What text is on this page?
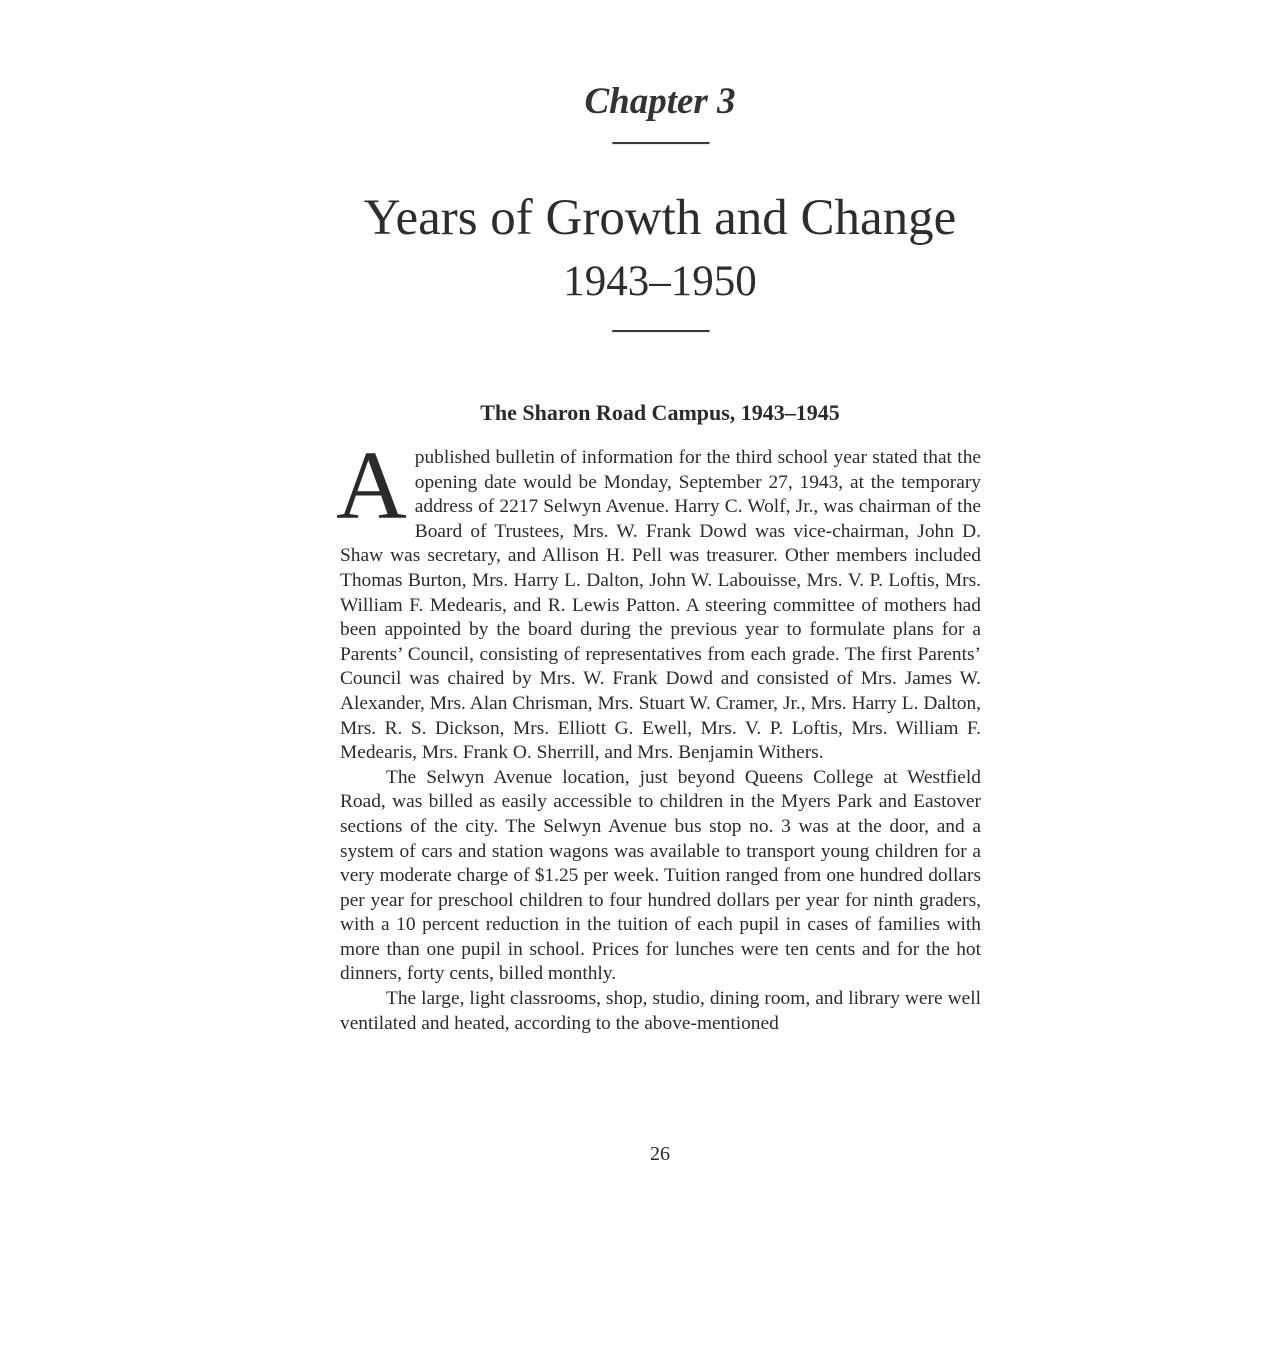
Chapter 3
Years of Growth and Change
1943–1950
The Sharon Road Campus, 1943–1945

Apublished bulletin of information for the third school year stated that the opening date would be Monday, September 27, 1943, at the temporary address of 2217 Selwyn Avenue. Harry C. Wolf, Jr., was chairman of the Board of Trustees, Mrs. W. Frank Dowd was vice-chairman, John D. Shaw was secretary, and Allison H. Pell was treasurer. Other members included Thomas Burton, Mrs. Harry L. Dalton, John W. Labouisse, Mrs. V. P. Loftis, Mrs. William F. Medearis, and R. Lewis Patton. A steering committee of mothers had been appointed by the board during the previous year to formulate plans for a Parents’ Council, consisting of representatives from each grade. The first Parents’ Council was chaired by Mrs. W. Frank Dowd and consisted of Mrs. James W. Alexander, Mrs. Alan Chrisman, Mrs. Stuart W. Cramer, Jr., Mrs. Harry L. Dalton, Mrs. R. S. Dickson, Mrs. Elliott G. Ewell, Mrs. V. P. Loftis, Mrs. William F. Medearis, Mrs. Frank O. Sherrill, and Mrs. Benjamin Withers.

The Selwyn Avenue location, just beyond Queens College at Westfield Road, was billed as easily accessible to children in the Myers Park and Eastover sections of the city. The Selwyn Avenue bus stop no. 3 was at the door, and a system of cars and station wagons was available to transport young children for a very moderate charge of $1.25 per week. Tuition ranged from one hundred dollars per year for preschool children to four hundred dollars per year for ninth graders, with a 10 percent reduction in the tuition of each pupil in cases of families with more than one pupil in school. Prices for lunches were ten cents and for the hot dinners, forty cents, billed monthly.

The large, light classrooms, shop, studio, dining room, and library were well ventilated and heated, according to the above-mentioned

26
